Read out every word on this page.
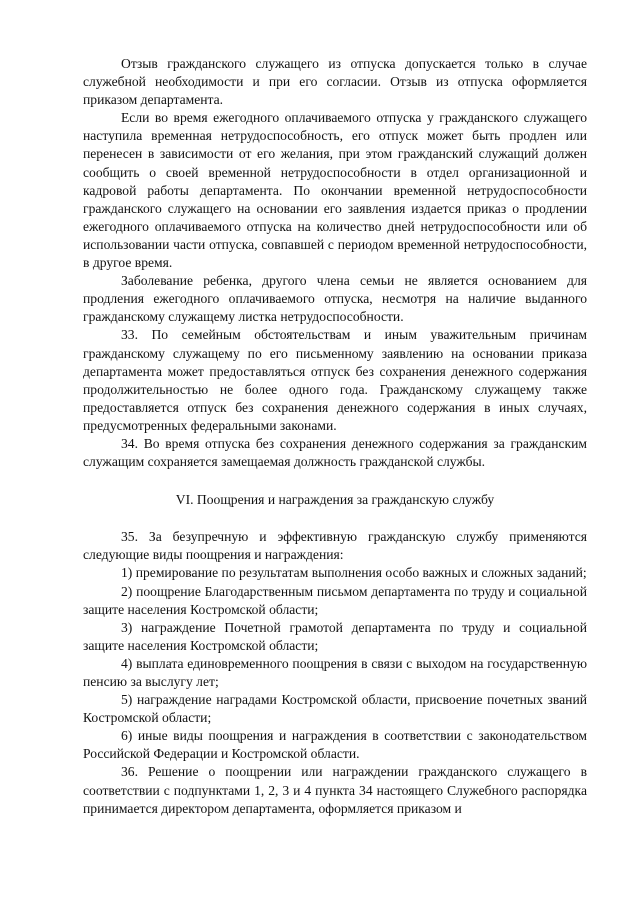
Отзыв гражданского служащего из отпуска допускается только в случае служебной необходимости и при его согласии. Отзыв из отпуска оформляется приказом департамента.

Если во время ежегодного оплачиваемого отпуска у гражданского служащего наступила временная нетрудоспособность, его отпуск может быть продлен или перенесен в зависимости от его желания, при этом гражданский служащий должен сообщить о своей временной нетрудоспособности в отдел организационной и кадровой работы департамента. По окончании временной нетрудоспособности гражданского служащего на основании его заявления издается приказ о продлении ежегодного оплачиваемого отпуска на количество дней нетрудоспособности или об использовании части отпуска, совпавшей с периодом временной нетрудоспособности, в другое время.

Заболевание ребенка, другого члена семьи не является основанием для продления ежегодного оплачиваемого отпуска, несмотря на наличие выданного гражданскому служащему листка нетрудоспособности.

33. По семейным обстоятельствам и иным уважительным причинам гражданскому служащему по его письменному заявлению на основании приказа департамента может предоставляться отпуск без сохранения денежного содержания продолжительностью не более одного года. Гражданскому служащему также предоставляется отпуск без сохранения денежного содержания в иных случаях, предусмотренных федеральными законами.

34. Во время отпуска без сохранения денежного содержания за гражданским служащим сохраняется замещаемая должность гражданской службы.

VI. Поощрения и награждения за гражданскую службу

35. За безупречную и эффективную гражданскую службу применяются следующие виды поощрения и награждения:

1) премирование по результатам выполнения особо важных и сложных заданий;

2) поощрение Благодарственным письмом департамента по труду и социальной защите населения Костромской области;

3) награждение Почетной грамотой департамента по труду и социальной защите населения Костромской области;

4) выплата единовременного поощрения в связи с выходом на государственную пенсию за выслугу лет;

5) награждение наградами Костромской области, присвоение почетных званий Костромской области;

6) иные виды поощрения и награждения в соответствии с законодательством Российской Федерации и Костромской области.

36. Решение о поощрении или награждении гражданского служащего в соответствии с подпунктами 1, 2, 3 и 4 пункта 34 настоящего Служебного распорядка принимается директором департамента, оформляется приказом и
